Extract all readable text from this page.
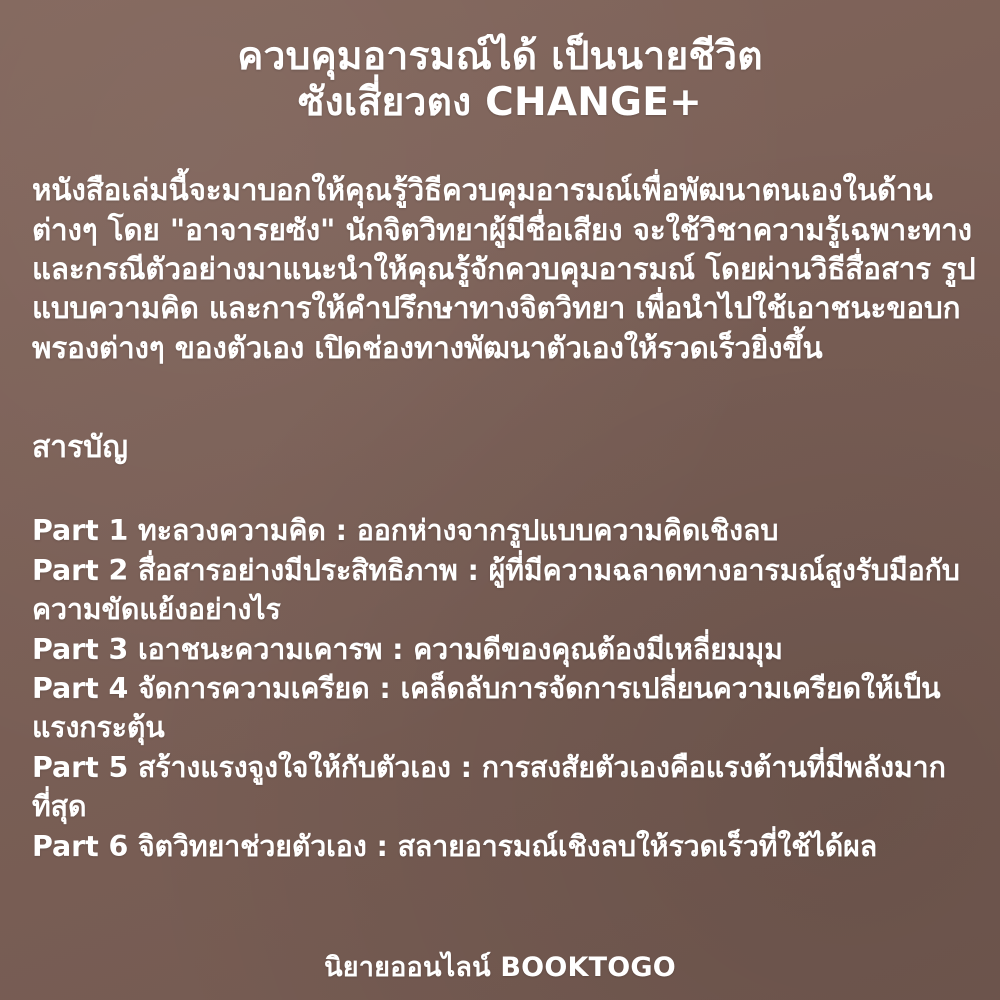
ควบคุมอารมณ์ได้ เป็นนายชีวิต
ซังเสี่ยวตง CHANGE+

หนังสือเล่มนี้จะมาบอกให้คุณรู้วิธีควบคุมอารมณ์เพื่อพัฒนาตนเองในด้านต่างๆ โดย "อาจารยซัง" นักจิตวิทยาผู้มีชื่อเสียง จะใช้วิชาความรู้เฉพาะทางและกรณีตัวอย่างมาแนะนำให้คุณรู้จักควบคุมอารมณ์ โดยผ่านวิธีสื่อสาร รูปแบบความคิด และการให้คำปรึกษาทางจิตวิทยา เพื่อนำไปใช้เอาชนะขอบกพรองต่างๆ ของตัวเอง เปิดช่องทางพัฒนาตัวเองให้รวดเร็วยิ่งขึ้น

สารบัญ

Part 1 ทะลวงความคิด : ออกห่างจากรูปแบบความคิดเชิงลบ

Part 2 สื่อสารอย่างมีประสิทธิภาพ : ผู้ที่มีความฉลาดทางอารมณ์สูงรับมือกับความขัดแย้งอย่างไร

Part 3 เอาชนะความเคารพ : ความดีของคุณต้องมีเหลี่ยมมุม

Part 4 จัดการความเครียด : เคล็ดลับการจัดการเปลี่ยนความเครียดให้เป็นแรงกระตุ้น

Part 5 สร้างแรงจูงใจให้กับตัวเอง : การสงสัยตัวเองคือแรงต้านที่มีพลังมากที่สุด

Part 6 จิตวิทยาช่วยตัวเอง : สลายอารมณ์เชิงลบให้รวดเร็วที่ใช้ได้ผล

นิยายออนไลน์ BOOKTOGO
